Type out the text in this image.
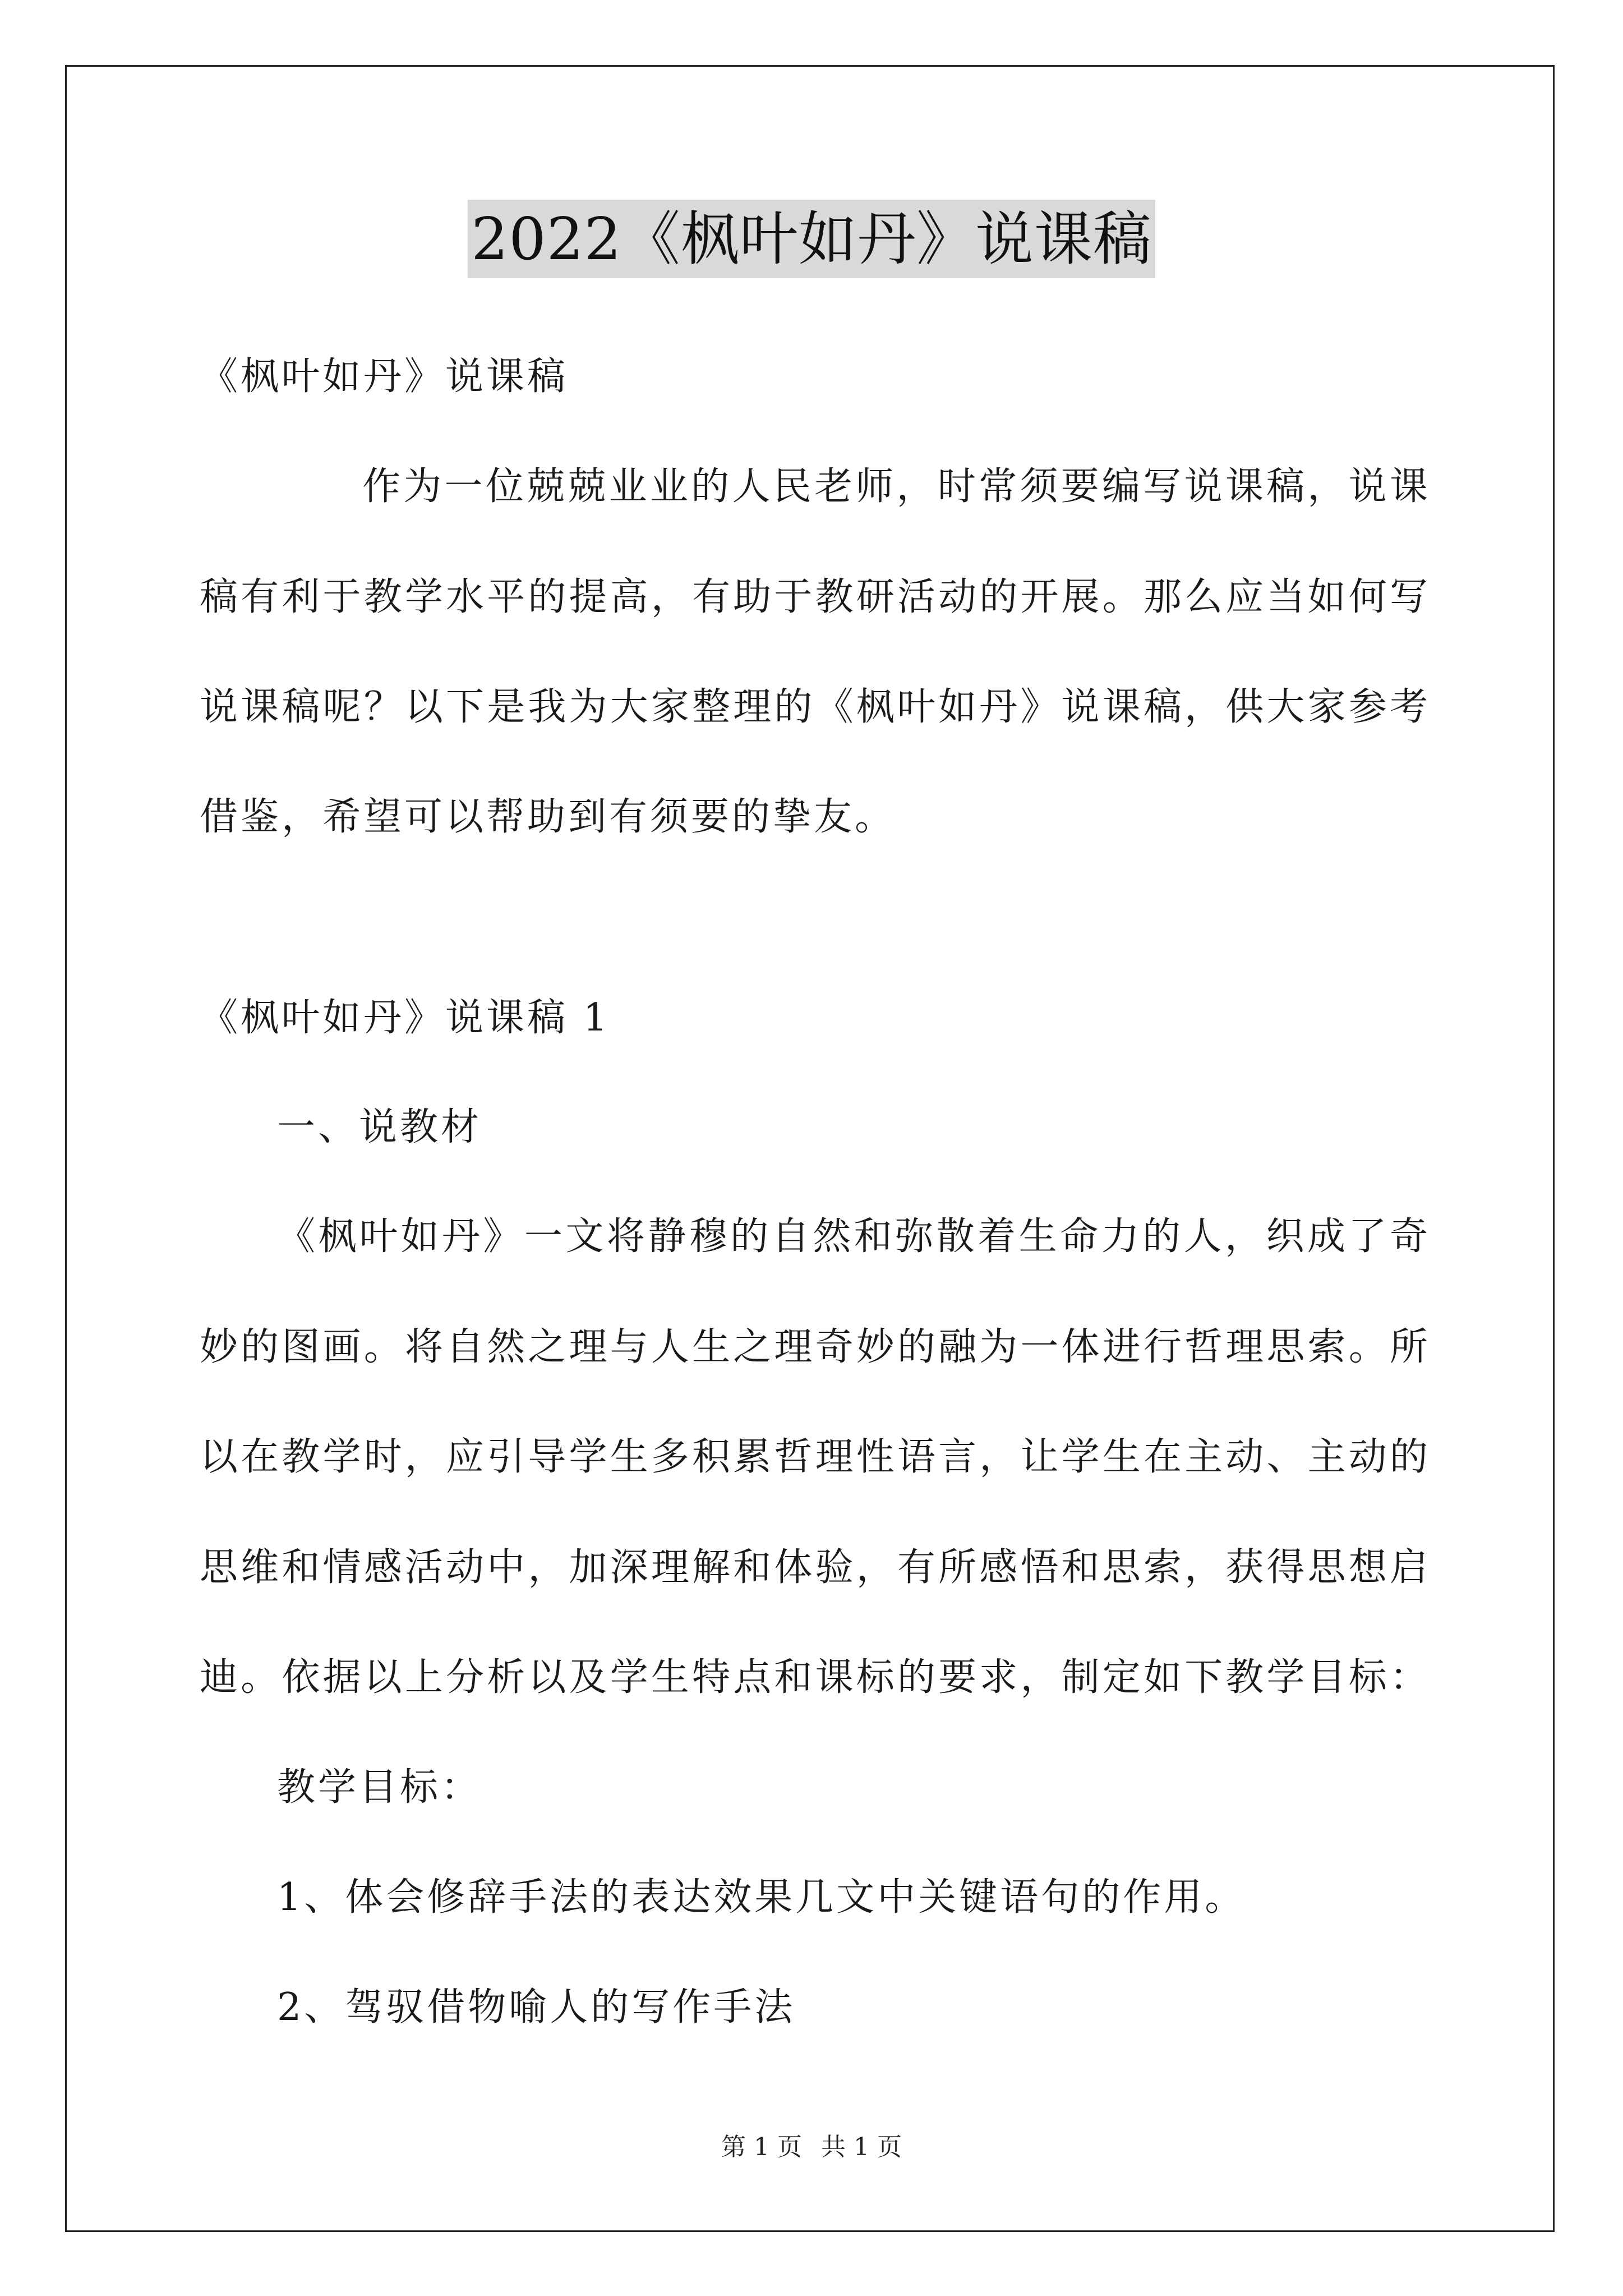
2022《枫叶如丹》说课稿
《枫叶如丹》说课稿
作为一位兢兢业业的人民老师，时常须要编写说课稿，说课
稿有利于教学水平的提高，有助于教研活动的开展。那么应当如何写
说课稿呢？以下是我为大家整理的《枫叶如丹》说课稿，供大家参考
借鉴，希望可以帮助到有须要的挚友。
《枫叶如丹》说课稿 1
一、说教材
《枫叶如丹》一文将静穆的自然和弥散着生命力的人，织成了奇
妙的图画。将自然之理与人生之理奇妙的融为一体进行哲理思索。所
以在教学时，应引导学生多积累哲理性语言，让学生在主动、主动的
思维和情感活动中，加深理解和体验，有所感悟和思索，获得思想启
迪。依据以上分析以及学生特点和课标的要求，制定如下教学目标：
教学目标：
1、体会修辞手法的表达效果几文中关键语句的作用。
2、驾驭借物喻人的写作手法
第 1 页 共 1 页
